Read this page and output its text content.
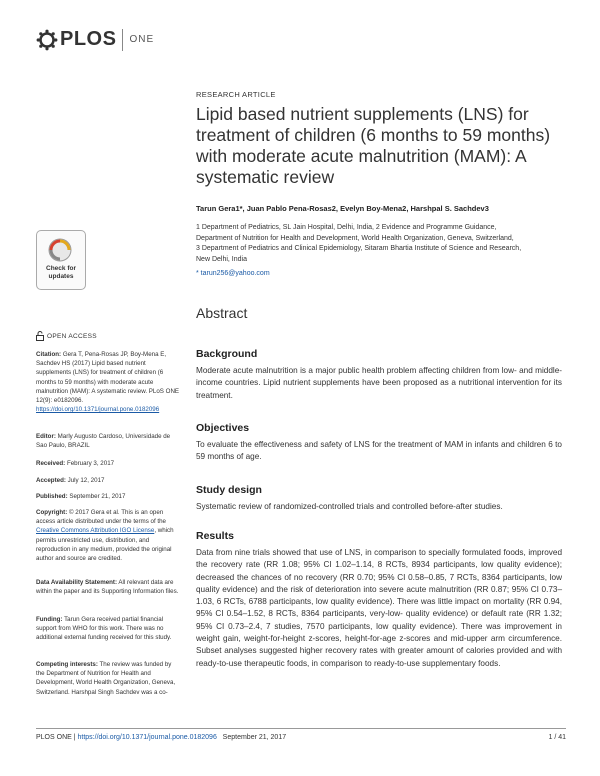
PLOS ONE
RESEARCH ARTICLE
Lipid based nutrient supplements (LNS) for treatment of children (6 months to 59 months) with moderate acute malnutrition (MAM): A systematic review
Tarun Gera1*, Juan Pablo Pena-Rosas2, Evelyn Boy-Mena2, Harshpal S. Sachdev3
1 Department of Pediatrics, SL Jain Hospital, Delhi, India, 2 Evidence and Programme Guidance,
Department of Nutrition for Health and Development, World Health Organization, Geneva, Switzerland,
3 Department of Pediatrics and Clinical Epidemiology, Sitaram Bhartia Institute of Science and Research,
New Delhi, India
* tarun256@yahoo.com
Abstract
Background
Moderate acute malnutrition is a major public health problem affecting children from low- and middle-income countries. Lipid nutrient supplements have been proposed as a nutritional intervention for its treatment.
Objectives
To evaluate the effectiveness and safety of LNS for the treatment of MAM in infants and children 6 to 59 months of age.
Study design
Systematic review of randomized-controlled trials and controlled before-after studies.
Results
Data from nine trials showed that use of LNS, in comparison to specially formulated foods, improved the recovery rate (RR 1.08; 95% CI 1.02–1.14, 8 RCTs, 8934 participants, low quality evidence); decreased the chances of no recovery (RR 0.70; 95% CI 0.58–0.85, 7 RCTs, 8364 participants, low quality evidence) and the risk of deterioration into severe acute malnutrition (RR 0.87; 95% CI 0.73–1.03, 6 RCTs, 6788 participants, low quality evidence). There was little impact on mortality (RR 0.94, 95% CI 0.54–1.52, 8 RCTs, 8364 participants, very-low- quality evidence) or default rate (RR 1.32; 95% CI 0.73–2.4, 7 studies, 7570 participants, low quality evidence). There was improvement in weight gain, weight-for-height z-scores, height-for-age z-scores and mid-upper arm circumference. Subset analyses suggested higher recovery rates with greater amount of calories provided and with ready-to-use therapeutic foods, in comparison to ready-to-use supplementary foods.
Check for updates
OPEN ACCESS
Citation: Gera T, Pena-Rosas JP, Boy-Mena E, Sachdev HS (2017) Lipid based nutrient supplements (LNS) for treatment of children (6 months to 59 months) with moderate acute malnutrition (MAM): A systematic review. PLoS ONE 12(9): e0182096. https://doi.org/10.1371/journal.pone.0182096
Editor: Marly Augusto Cardoso, Universidade de Sao Paulo, BRAZIL
Received: February 3, 2017
Accepted: July 12, 2017
Published: September 21, 2017
Copyright: © 2017 Gera et al. This is an open access article distributed under the terms of the Creative Commons Attribution IGO License, which permits unrestricted use, distribution, and reproduction in any medium, provided the original author and source are credited.
Data Availability Statement: All relevant data are within the paper and its Supporting Information files.
Funding: Tarun Gera received partial financial support from WHO for this work. There was no additional external funding received for this study.
Competing interests: The review was funded by the Department of Nutrition for Health and Development, World Health Organization, Geneva, Switzerland. Harshpal Singh Sachdev was a co-
PLOS ONE | https://doi.org/10.1371/journal.pone.0182096   September 21, 2017	1 / 41
